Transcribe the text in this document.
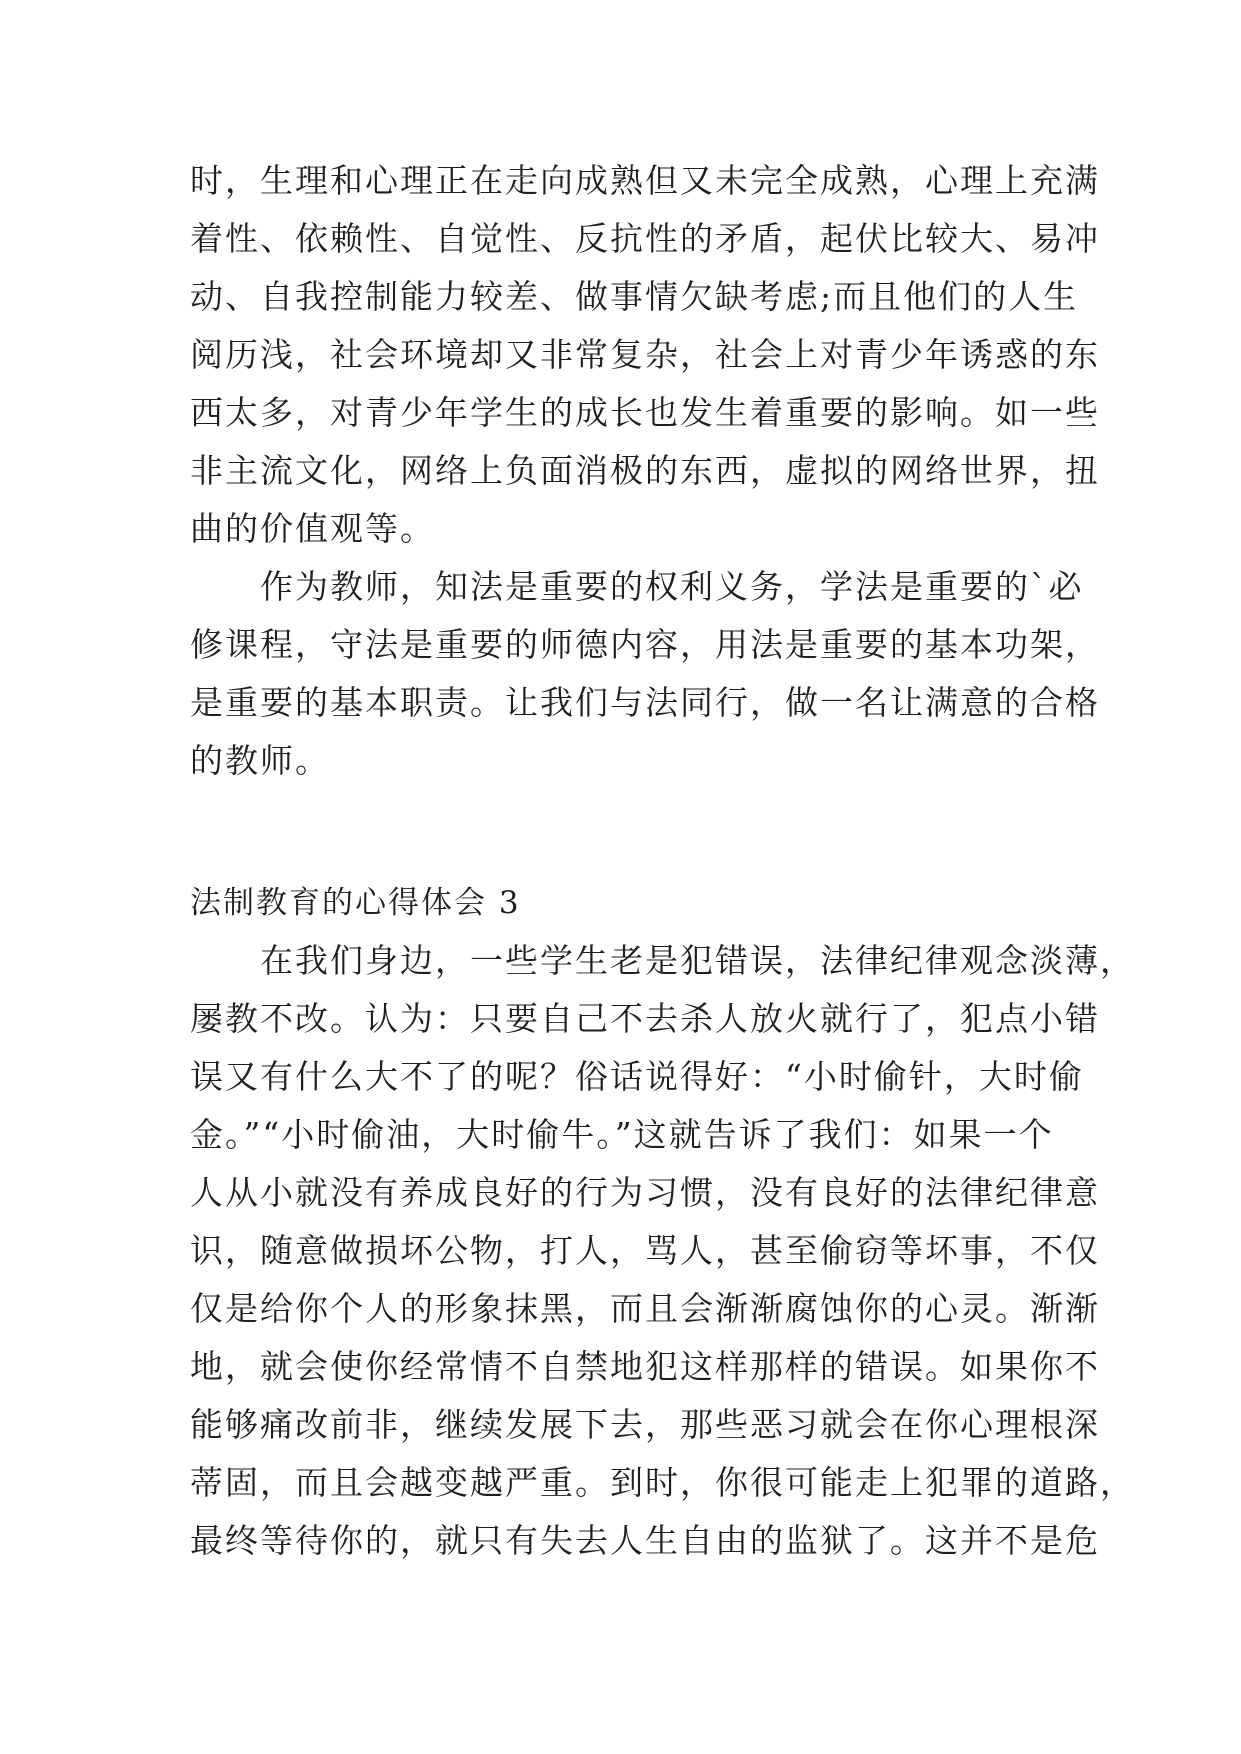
时，生理和心理正在走向成熟但又未完全成熟，心理上充满
着性、依赖性、自觉性、反抗性的矛盾，起伏比较大、易冲
动、自我控制能力较差、做事情欠缺考虑;而且他们的人生
阅历浅，社会环境却又非常复杂，社会上对青少年诱惑的东
西太多，对青少年学生的成长也发生着重要的影响。如一些
非主流文化，网络上负面消极的东西，虚拟的网络世界，扭
曲的价值观等。
　　作为教师，知法是重要的权利义务，学法是重要的`必
修课程，守法是重要的师德内容，用法是重要的基本功架，
是重要的基本职责。让我们与法同行，做一名让满意的合格
的教师。
法制教育的心得体会 3
　　在我们身边，一些学生老是犯错误，法律纪律观念淡薄，
屡教不改。认为：只要自己不去杀人放火就行了，犯点小错
误又有什么大不了的呢？俗话说得好：“小时偷针，大时偷
金。”“小时偷油，大时偷牛。”这就告诉了我们：如果一个
人从小就没有养成良好的行为习惯，没有良好的法律纪律意
识，随意做损坏公物，打人，骂人，甚至偷窃等坏事，不仅
仅是给你个人的形象抹黑，而且会渐渐腐蚀你的心灵。渐渐
地，就会使你经常情不自禁地犯这样那样的错误。如果你不
能够痛改前非，继续发展下去，那些恶习就会在你心理根深
蒂固，而且会越变越严重。到时，你很可能走上犯罪的道路，
最终等待你的，就只有失去人生自由的监狱了。这并不是危
